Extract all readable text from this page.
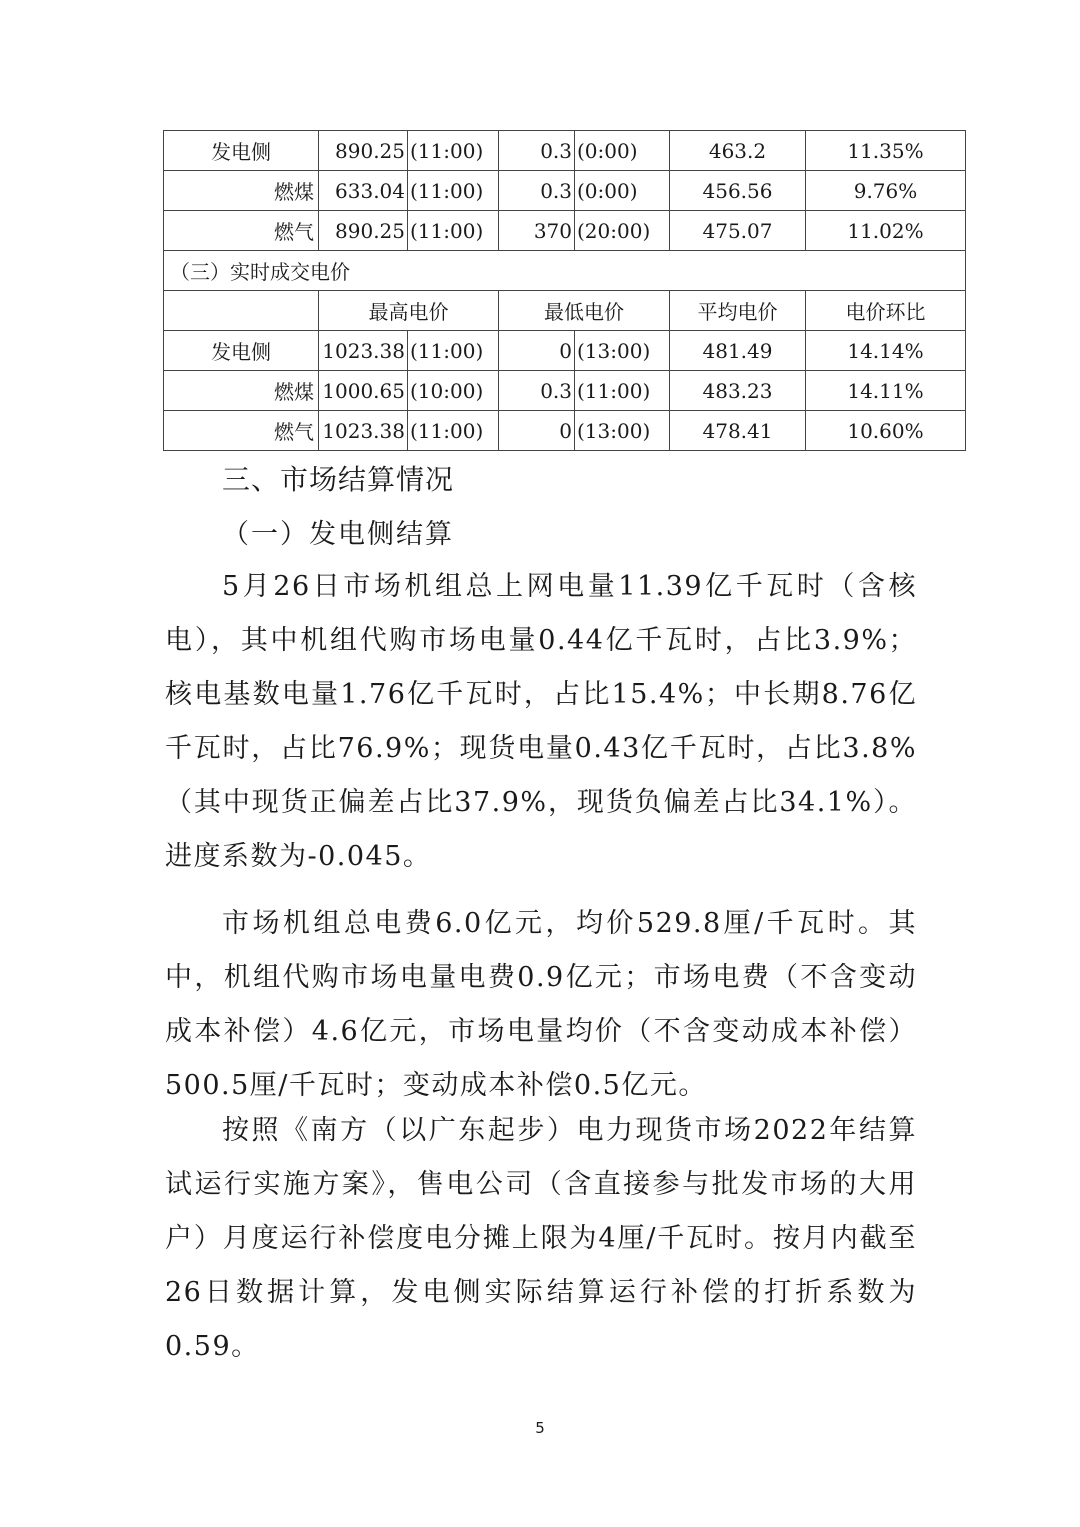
发电侧	890.25	(11:00)	0.3	(0:00)	463.2	11.35%
燃煤	633.04	(11:00)	0.3	(0:00)	456.56	9.76%
燃气	890.25	(11:00)	370	(20:00)	475.07	11.02%
（三）实时成交电价						
	最高电价		最低电价		平均电价	电价环比
发电侧	1023.38	(11:00)	0	(13:00)	481.49	14.14%
燃煤	1000.65	(10:00)	0.3	(11:00)	483.23	14.11%
燃气	1023.38	(11:00)	0	(13:00)	478.41	10.60%
三、市场结算情况
（一）发电侧结算

5月26日市场机组总上网电量11.39亿千瓦时（含核电），其中机组代购市场电量0.44亿千瓦时，占比3.9%；核电基数电量1.76亿千瓦时，占比15.4%；中长期8.76亿千瓦时，占比76.9%；现货电量0.43亿千瓦时，占比3.8%（其中现货正偏差占比37.9%，现货负偏差占比34.1%）。进度系数为-0.045。

市场机组总电费6.0亿元，均价529.8厘/千瓦时。其中，机组代购市场电量电费0.9亿元；市场电费（不含变动成本补偿）4.6亿元，市场电量均价（不含变动成本补偿）500.5厘/千瓦时；变动成本补偿0.5亿元。

按照《南方（以广东起步）电力现货市场2022年结算试运行实施方案》，售电公司（含直接参与批发市场的大用户）月度运行补偿度电分摊上限为4厘/千瓦时。按月内截至26日数据计算，发电侧实际结算运行补偿的打折系数为0.59。

5
